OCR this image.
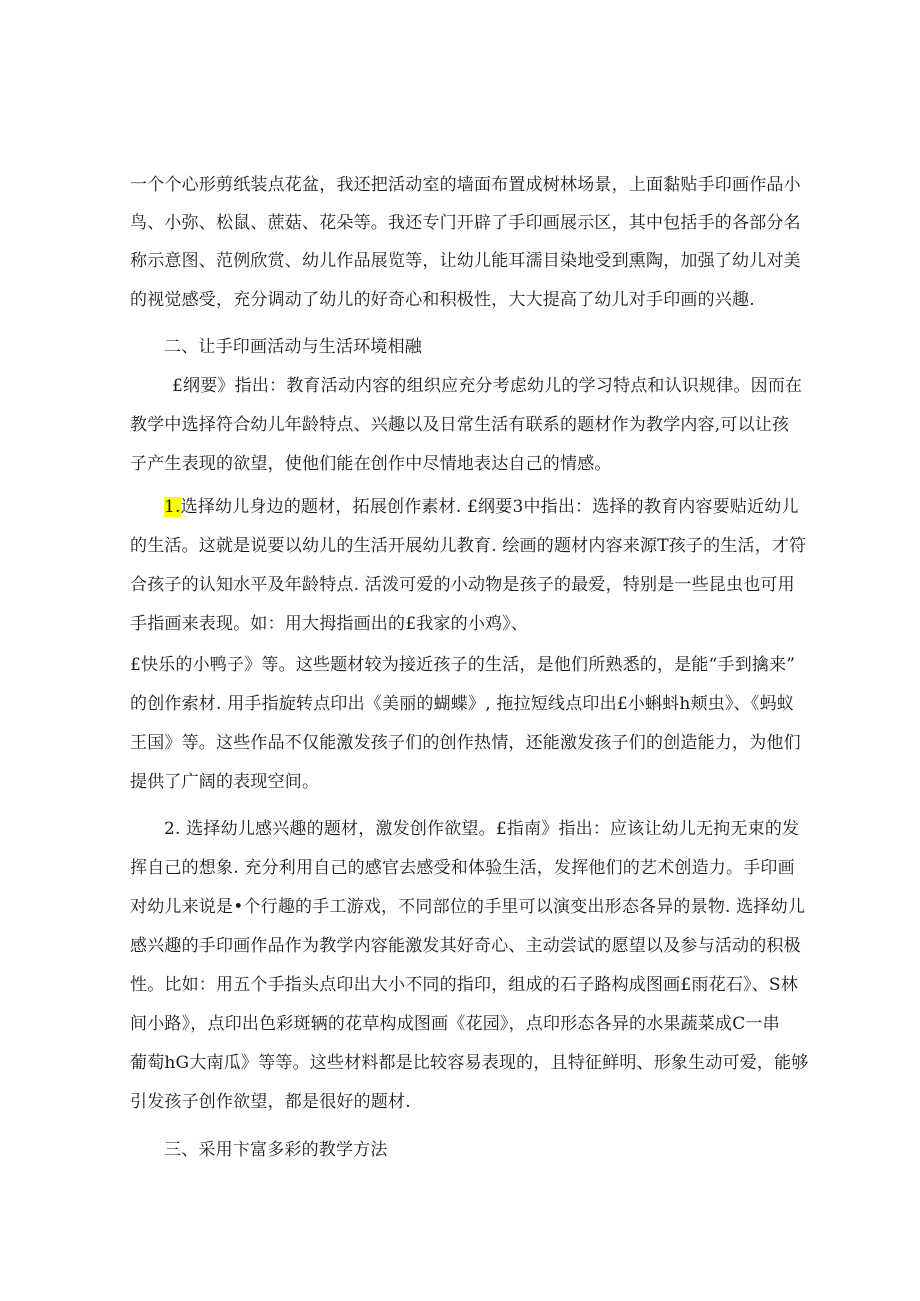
一个个心形剪纸装点花盆，我还把活动室的墙面布置成树林场景，上面黏贴手印画作品小
鸟、小弥、松鼠、蔗菇、花朵等。我还专门开辟了手印画展示区，其中包括手的各部分名
称示意图、范例欣赏、幼儿作品展览等，让幼儿能耳濡目染地受到熏陶，加强了幼儿对美
的视觉感受，充分调动了幼儿的好奇心和积极性，大大提高了幼儿对手印画的兴趣.
二、让手印画活动与生活环境相融
£纲要》指出：教育活动内容的组织应充分考虑幼儿的学习特点和认识规律。因而在
教学中选择符合幼儿年龄特点、兴趣以及日常生活有联系的题材作为教学内容,可以让孩
子产生表现的欲望，使他们能在创作中尽情地表达自己的情感。
1.选择幼儿身边的题材，拓展创作素材. £纲要3中指出：选择的教育内容要贴近幼儿
的生活。这就是说要以幼儿的生活开展幼儿教育. 绘画的题材内容来源T孩子的生活，才符
合孩子的认知水平及年龄特点. 活泼可爱的小动物是孩子的最爱，特别是一些昆虫也可用
手指画来表现。如：用大拇指画出的£我家的小鸡》、
£快乐的小鸭子》等。这些题材较为接近孩子的生活，是他们所熟悉的，是能“手到擒来”
的创作索材. 用手指旋转点印出《美丽的蝴蝶》, 拖拉短线点印出£小蝌蚪h颊虫》、《蚂蚁
王国》等。这些作品不仅能激发孩子们的创作热情，还能激发孩子们的创造能力，为他们
提供了广阔的表现空间。
2. 选择幼儿感兴趣的题材，激发创作欲望。£指南》指出：应该让幼儿无拘无束的发
挥自己的想象. 充分利用自己的感官去感受和体验生活，发挥他们的艺术创造力。手印画
对幼儿来说是•个行趣的手工游戏，不同部位的手里可以演变出形态各异的景物. 选择幼儿
感兴趣的手印画作品作为教学内容能激发其好奇心、主动尝试的愿望以及参与活动的积极
性。比如：用五个手指头点印出大小不同的指印，组成的石子路构成图画£雨花石》、S林
间小路》，点印出色彩斑辆的花草构成图画《花园》，点印形态各异的水果蔬菜成C一串
葡萄hG大南瓜》等等。这些材料都是比较容易表现的，且特征鲜明、形象生动可爱，能够
引发孩子创作欲望，都是很好的题材.
三、采用卞富多彩的教学方法
